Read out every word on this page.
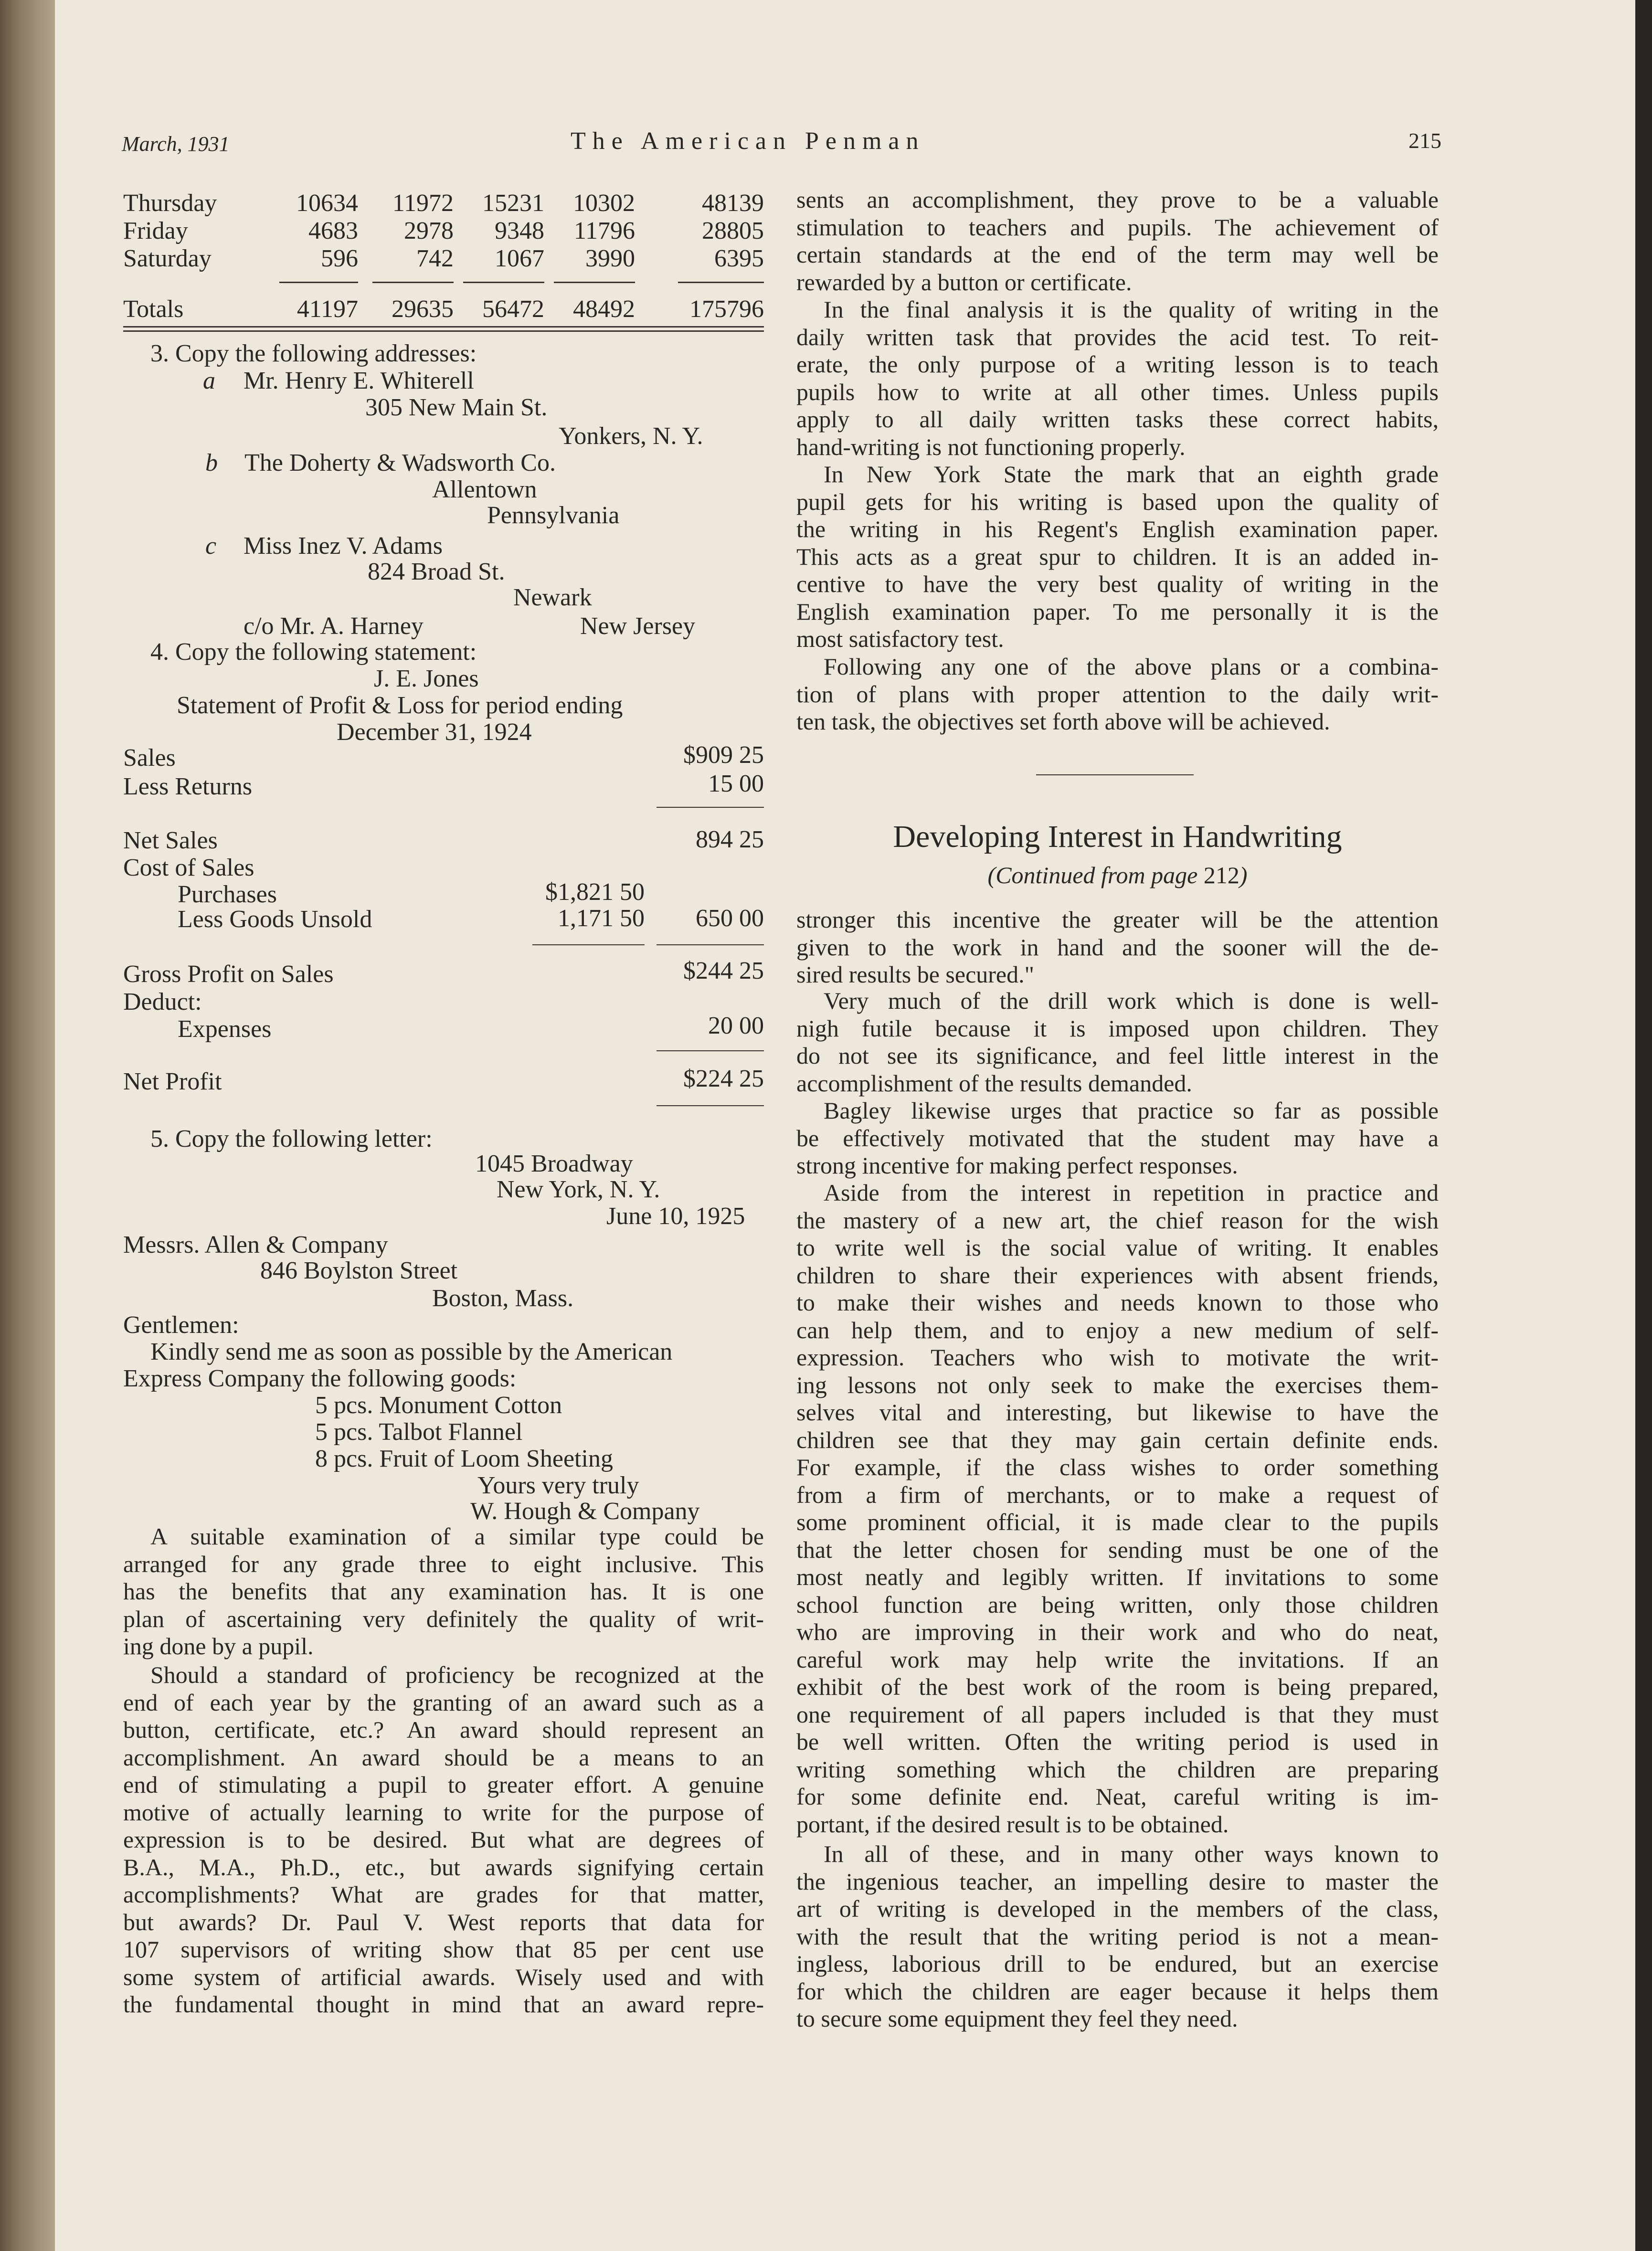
March, 1931	The American Penman	215
Thursday	10634	11972	15231	10302	48139
Friday	4683	2978	9348	11796	28805
Saturday	596	742	1067	3990	6395
Totals	41197	29635	56472	48492	175796
3. Copy the following addresses:
a Mr. Henry E. Whiterell
305 New Main St.
Yonkers, N. Y.
b The Doherty & Wadsworth Co.
Allentown
Pennsylvania
c Miss Inez V. Adams
824 Broad St.
Newark
c/o Mr. A. Harney	New Jersey
4. Copy the following statement:
J. E. Jones
Statement of Profit & Loss for period ending
December 31, 1924
Sales	$909 25
Less Returns	15 00
Net Sales	894 25
Cost of Sales
Purchases	$1,821 50
Less Goods Unsold	1,171 50	650 00
Gross Profit on Sales	$244 25
Deduct:
Expenses	20 00
Net Profit	$224 25
5. Copy the following letter:
1045 Broadway
New York, N. Y.
June 10, 1925
Messrs. Allen & Company
846 Boylston Street
Boston, Mass.
Gentlemen:
Kindly send me as soon as possible by the American
Express Company the following goods:
5 pcs. Monument Cotton
5 pcs. Talbot Flannel
8 pcs. Fruit of Loom Sheeting
Yours very truly
W. Hough & Company
A suitable examination of a similar type could be
arranged for any grade three to eight inclusive. This
has the benefits that any examination has. It is one
plan of ascertaining very definitely the quality of writ-
ing done by a pupil.
Should a standard of proficiency be recognized at the
end of each year by the granting of an award such as a
button, certificate, etc.? An award should represent an
accomplishment. An award should be a means to an
end of stimulating a pupil to greater effort. A genuine
motive of actually learning to write for the purpose of
expression is to be desired. But what are degrees of
B.A., M.A., Ph.D., etc., but awards signifying certain
accomplishments? What are grades for that matter,
but awards? Dr. Paul V. West reports that data for
107 supervisors of writing show that 85 per cent use
some system of artificial awards. Wisely used and with
the fundamental thought in mind that an award repre-
sents an accomplishment, they prove to be a valuable
stimulation to teachers and pupils. The achievement of
certain standards at the end of the term may well be
rewarded by a button or certificate.
In the final analysis it is the quality of writing in the
daily written task that provides the acid test. To reit-
erate, the only purpose of a writing lesson is to teach
pupils how to write at all other times. Unless pupils
apply to all daily written tasks these correct habits,
hand-writing is not functioning properly.
In New York State the mark that an eighth grade
pupil gets for his writing is based upon the quality of
the writing in his Regent's English examination paper.
This acts as a great spur to children. It is an added in-
centive to have the very best quality of writing in the
English examination paper. To me personally it is the
most satisfactory test.
Following any one of the above plans or a combina-
tion of plans with proper attention to the daily writ-
ten task, the objectives set forth above will be achieved.
Developing Interest in Handwriting
(Continued from page 212)
stronger this incentive the greater will be the attention
given to the work in hand and the sooner will the de-
sired results be secured."
Very much of the drill work which is done is well-
nigh futile because it is imposed upon children. They
do not see its significance, and feel little interest in the
accomplishment of the results demanded.
Bagley likewise urges that practice so far as possible
be effectively motivated that the student may have a
strong incentive for making perfect responses.
Aside from the interest in repetition in practice and
the mastery of a new art, the chief reason for the wish
to write well is the social value of writing. It enables
children to share their experiences with absent friends,
to make their wishes and needs known to those who
can help them, and to enjoy a new medium of self-
expression. Teachers who wish to motivate the writ-
ing lessons not only seek to make the exercises them-
selves vital and interesting, but likewise to have the
children see that they may gain certain definite ends.
For example, if the class wishes to order something
from a firm of merchants, or to make a request of
some prominent official, it is made clear to the pupils
that the letter chosen for sending must be one of the
most neatly and legibly written. If invitations to some
school function are being written, only those children
who are improving in their work and who do neat,
careful work may help write the invitations. If an
exhibit of the best work of the room is being prepared,
one requirement of all papers included is that they must
be well written. Often the writing period is used in
writing something which the children are preparing
for some definite end. Neat, careful writing is im-
portant, if the desired result is to be obtained.
In all of these, and in many other ways known to
the ingenious teacher, an impelling desire to master the
art of writing is developed in the members of the class,
with the result that the writing period is not a mean-
ingless, laborious drill to be endured, but an exercise
for which the children are eager because it helps them
to secure some equipment they feel they need.
